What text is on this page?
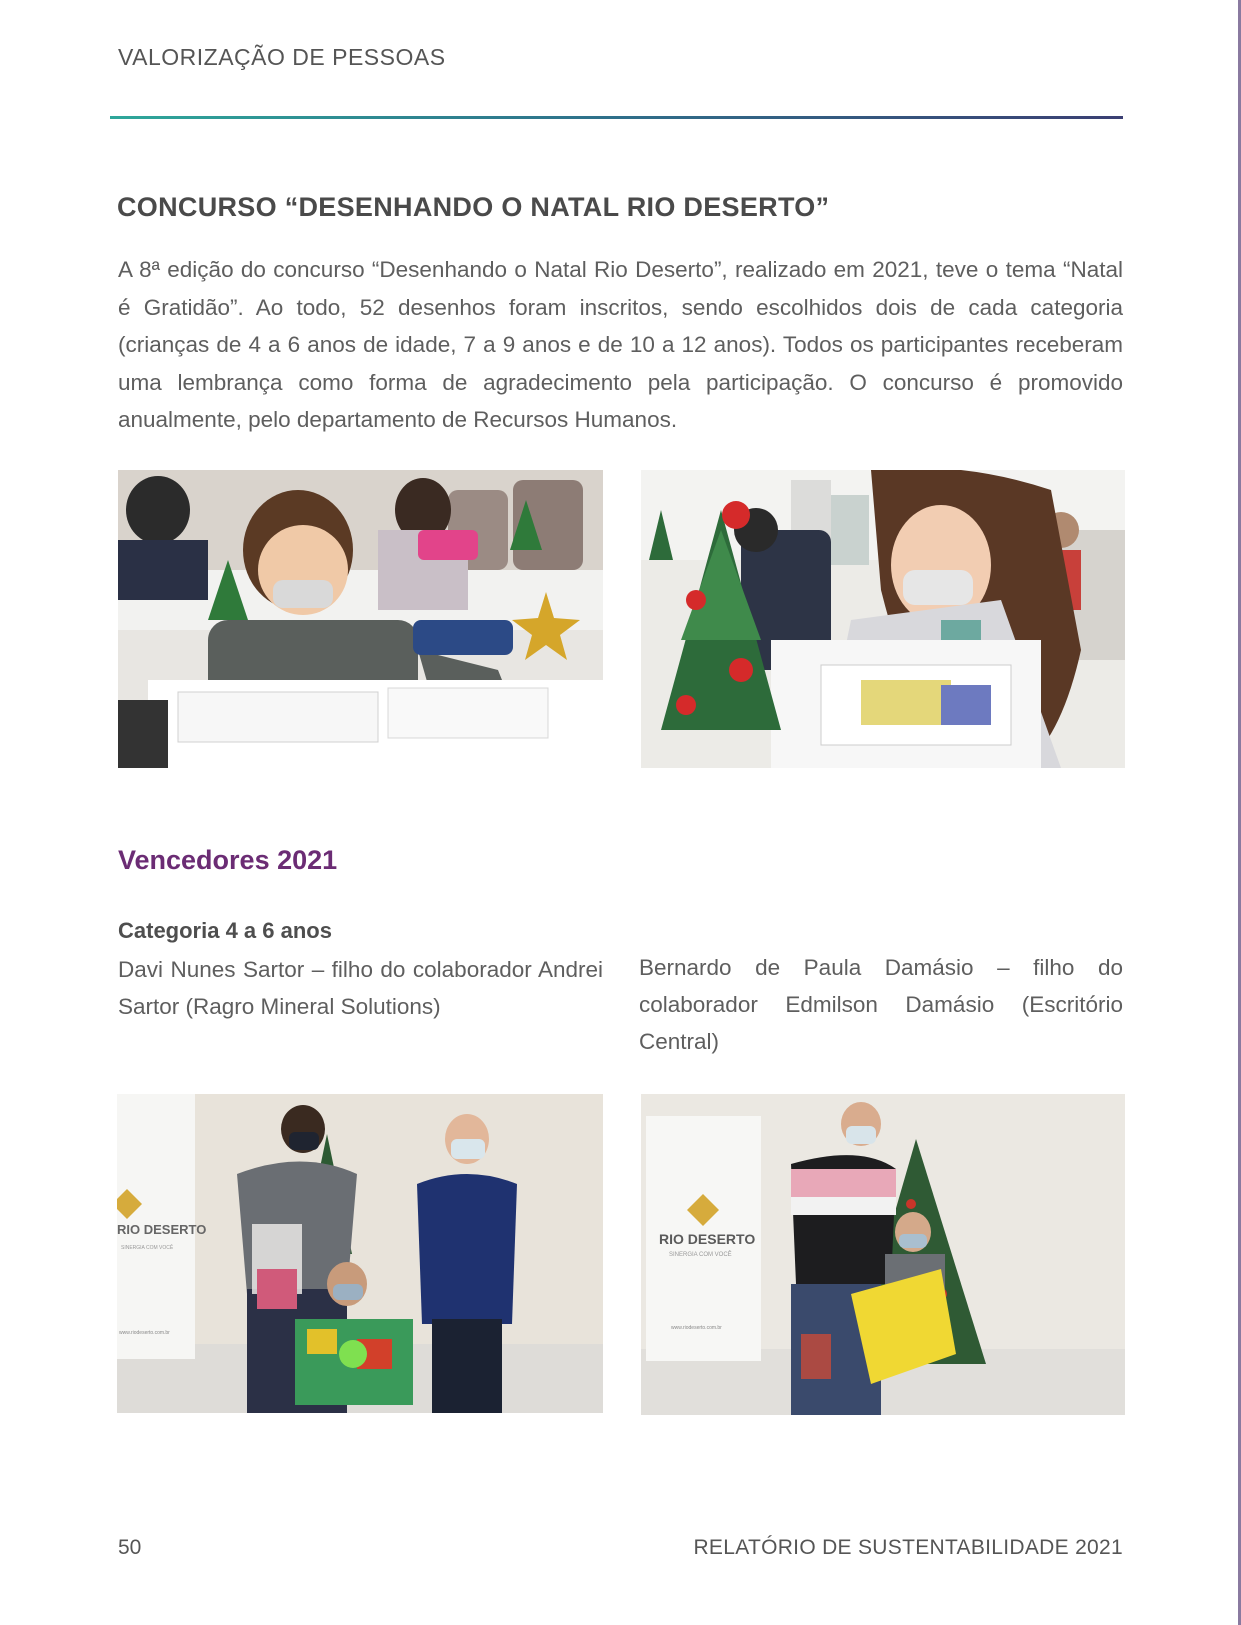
VALORIZAÇÃO DE PESSOAS
CONCURSO “DESENHANDO O NATAL RIO DESERTO”
A 8ª edição do concurso “Desenhando o Natal Rio Deserto”, realizado em 2021, teve o tema “Natal é Gratidão”. Ao todo, 52 desenhos foram inscritos, sendo escolhidos dois de cada categoria (crianças de 4 a 6 anos de idade, 7 a 9 anos e de 10 a 12 anos). Todos os participantes receberam uma lembrança como forma de agradecimento pela participação. O concurso é promovido anualmente, pelo departamento de Recursos Humanos.
Vencedores 2021
Categoria 4 a 6 anos
Davi Nunes Sartor – filho do colaborador Andrei Sartor (Ragro Mineral Solutions)
Bernardo de Paula Damásio – filho do colaborador Edmilson Damásio (Escritório Central)
RIO DESERTO
SINERGIA COM VOCÊ
www.riodeserto.com.br
RIO DESERTO
SINERGIA COM VOCÊ
www.riodeserto.com.br
50	RELATÓRIO DE SUSTENTABILIDADE 2021
